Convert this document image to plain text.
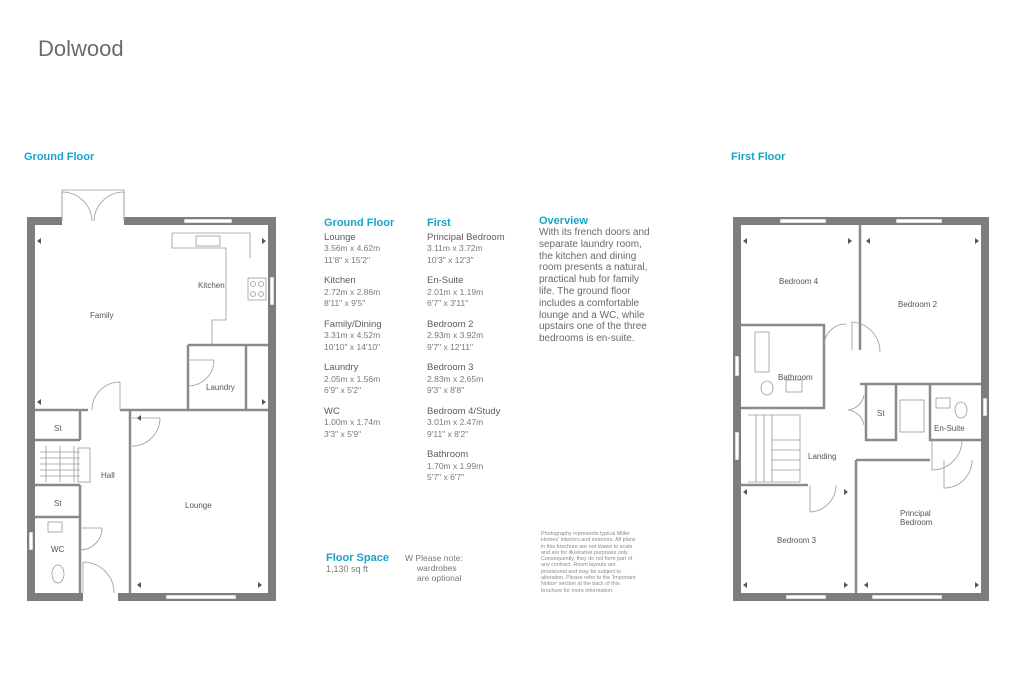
Dolwood
Ground Floor	First Floor
Family
Kitchen
Laundry
St
Hall
St
WC
Lounge
Bedroom 4
Bedroom 2
Bathroom
St
En-Suite
Landing
Principal
Bedroom
Bedroom 3
Ground Floor
Lounge
3.56m x 4.62m
11'8" x 15'2"
Kitchen
2.72m x 2.86m
8'11" x 9'5"
Family/Dining
3.31m x 4.52m
10'10" x 14'10"
Laundry
2.05m x 1.56m
6'9" x 5'2"
WC
1.00m x 1.74m
3'3" x 5'9"
First
Principal Bedroom
3.11m x 3.72m
10'3" x 12'3"
En-Suite
2.01m x 1.19m
6'7" x 3'11"
Bedroom 2
2.93m x 3.92m
9'7" x 12'11"
Bedroom 3
2.83m x 2.65m
9'3" x 8'8"
Bedroom 4/Study
3.01m x 2.47m
9'11" x 8'2"
Bathroom
1.70m x 1.99m
5'7" x 6'7"
Overview
With its french doors and separate laundry room, the kitchen and dining room presents a natural, practical hub for family life. The ground floor includes a comfortable lounge and a WC, while upstairs one of the three bedrooms is en-suite.
Floor Space
1,130 sq ft
W Please note:
wardrobes
are optional
Photography represents typical Miller Homes' interiors and exteriors. All plans in this brochure are not drawn to scale and are for illustrative purposes only. Consequently, they do not form part of any contract. Room layouts are provisional and may be subject to alteration. Please refer to the 'Important Notice' section at the back of this brochure for more information.
